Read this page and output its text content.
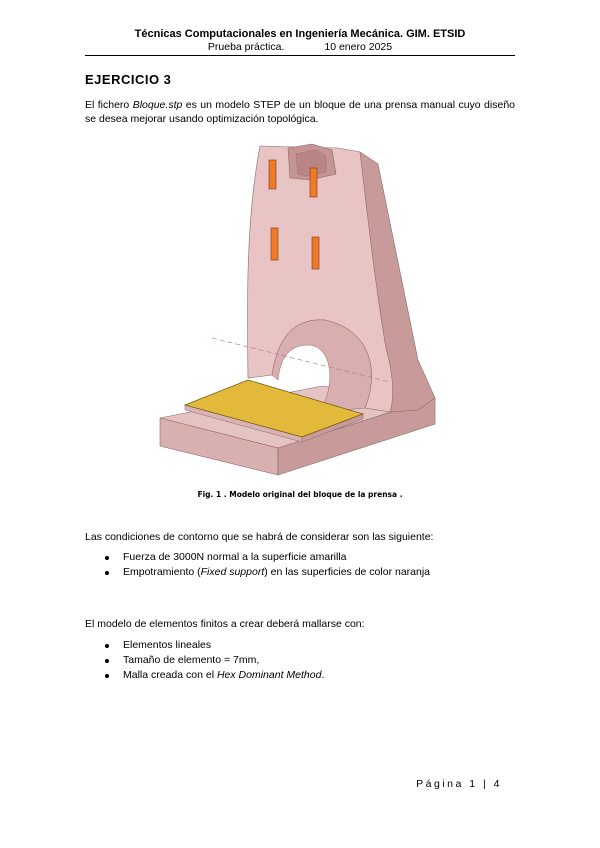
Técnicas Computacionales en Ingeniería Mecánica. GIM. ETSID
Prueba práctica.	10 enero 2025
EJERCICIO 3

El fichero Bloque.stp es un modelo STEP de un bloque de una prensa manual cuyo diseño se desea mejorar usando optimización topológica.

Fig. 1 . Modelo original del bloque de la prensa .

Las condiciones de contorno que se habrá de considerar son las siguiente:

Fuerza de 3000N normal a la superficie amarilla
Empotramiento (Fixed support) en las superficies de color naranja

El modelo de elementos finitos a crear deberá mallarse con:

Elementos lineales
Tamaño de elemento = 7mm,
Malla creada con el Hex Dominant Method.
Página 1 | 4
